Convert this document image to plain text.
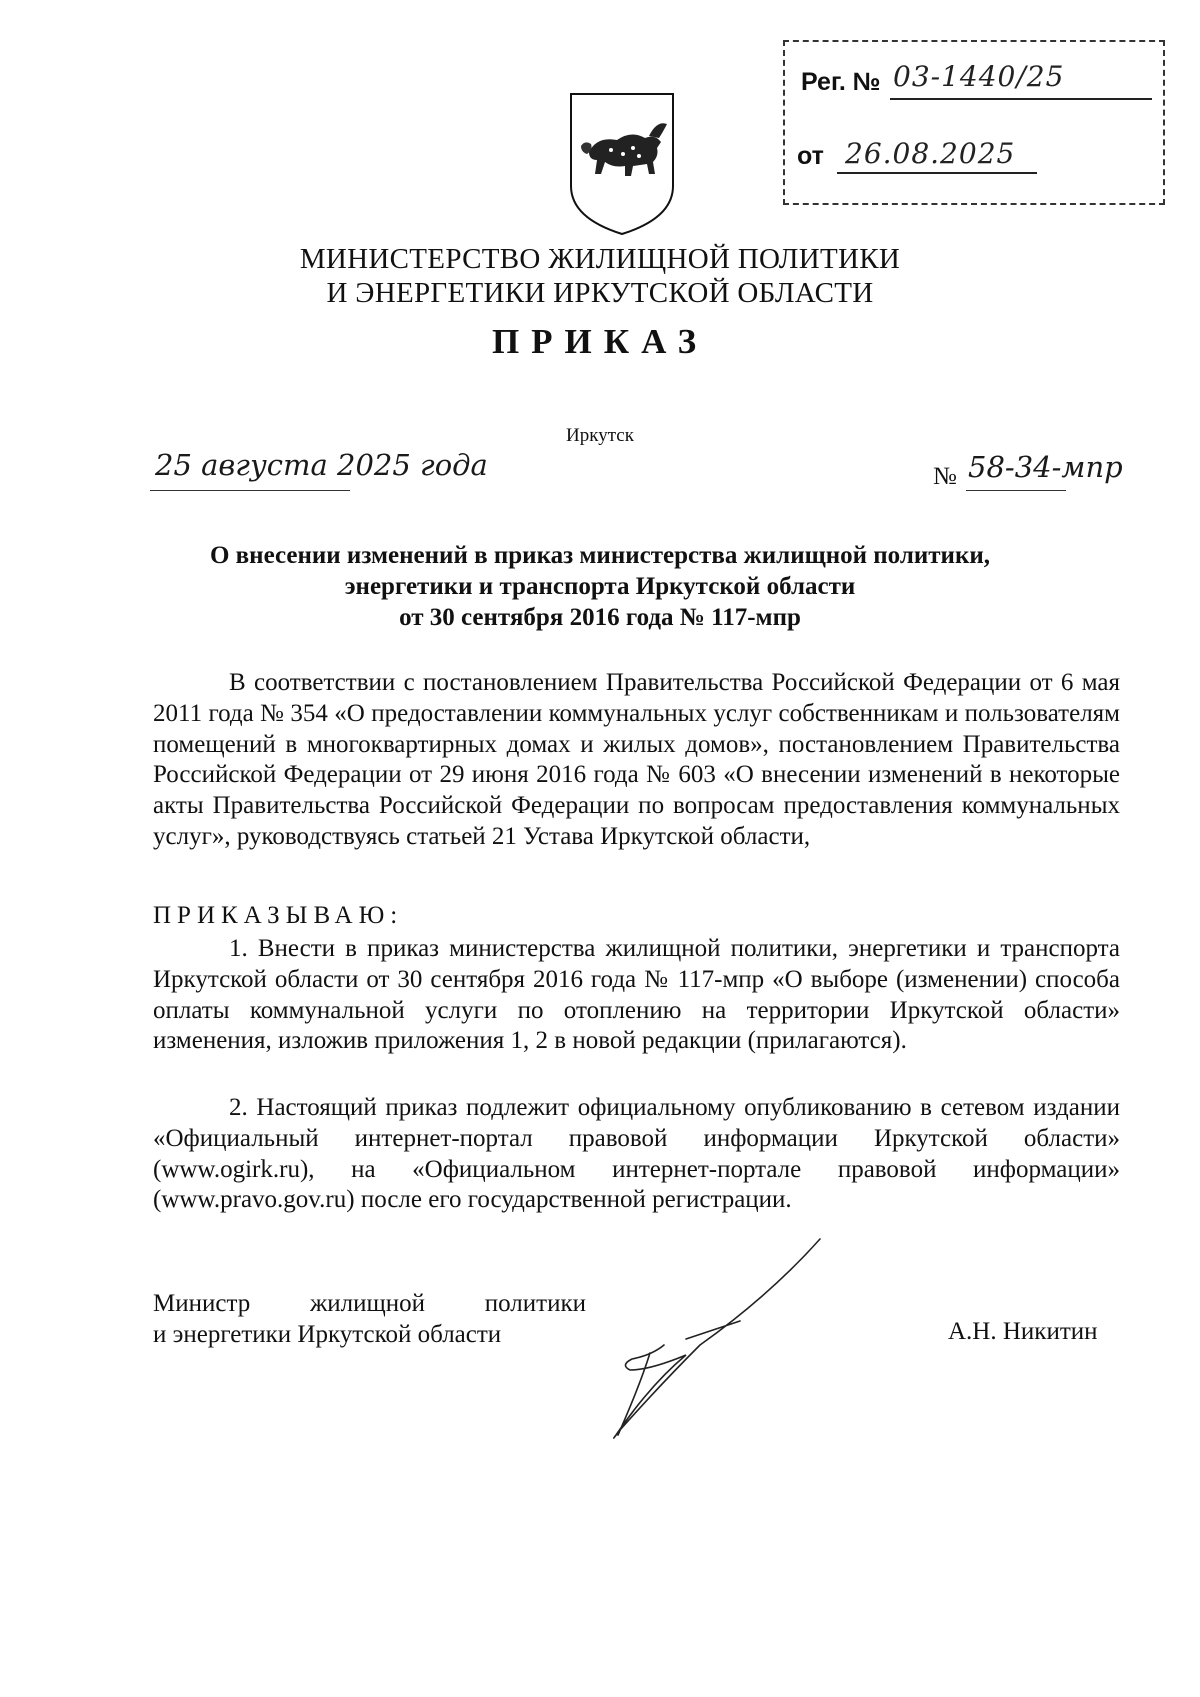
Рег. № 03-1440/25
от 26.08.2025
МИНИСТЕРСТВО ЖИЛИЩНОЙ ПОЛИТИКИ
И ЭНЕРГЕТИКИ ИРКУТСКОЙ ОБЛАСТИ
ПРИКАЗ
Иркутск
25 августа 2025 года	№ 58-34-мпр
О внесении изменений в приказ министерства жилищной политики,
энергетики и транспорта Иркутской области
от 30 сентября 2016 года № 117-мпр

В соответствии с постановлением Правительства Российской Федерации от 6 мая 2011 года № 354 «О предоставлении коммунальных услуг собственникам и пользователям помещений в многоквартирных домах и жилых домов», постановлением Правительства Российской Федерации от 29 июня 2016 года № 603 «О внесении изменений в некоторые акты Правительства Российской Федерации по вопросам предоставления коммунальных услуг», руководствуясь статьей 21 Устава Иркутской области,

ПРИКАЗЫВАЮ:

1. Внести в приказ министерства жилищной политики, энергетики и транспорта Иркутской области от 30 сентября 2016 года № 117-мпр «О выборе (изменении) способа оплаты коммунальной услуги по отоплению на территории Иркутской области» изменения, изложив приложения 1, 2 в новой редакции (прилагаются).

2. Настоящий приказ подлежит официальному опубликованию в сетевом издании «Официальный интернет-портал правовой информации Иркутской области» (www.ogirk.ru), на «Официальном интернет-портале правовой информации» (www.pravo.gov.ru) после его государственной регистрации.

Министр жилищной политики
и энергетики Иркутской области	А.Н. Никитин
